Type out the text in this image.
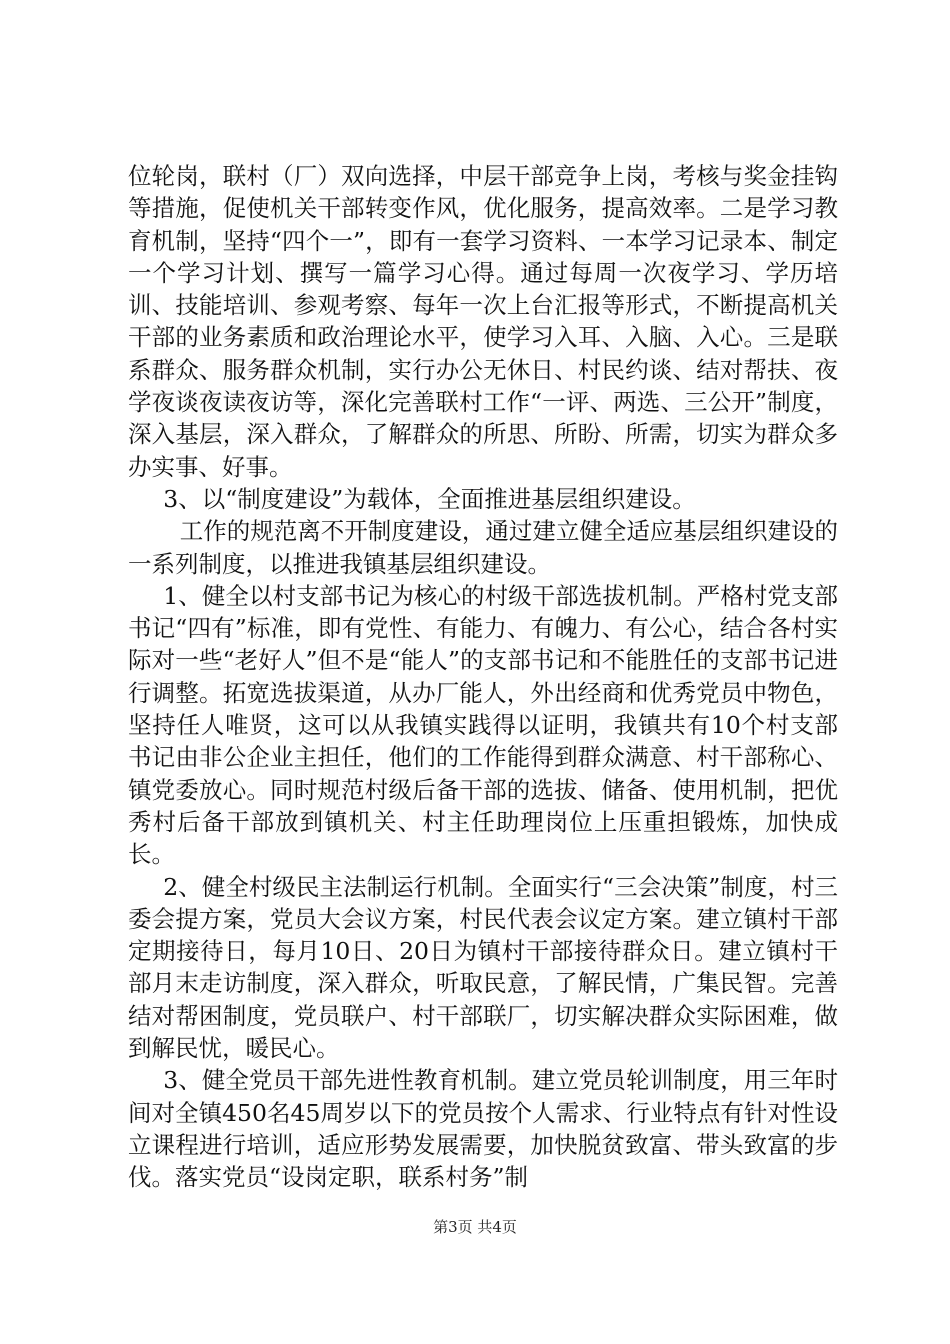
位轮岗，联村（厂）双向选择，中层干部竞争上岗，考核与奖金挂钩等措施，促使机关干部转变作风，优化服务，提高效率。二是学习教育机制，坚持“四个一”，即有一套学习资料、一本学习记录本、制定一个学习计划、撰写一篇学习心得。通过每周一次夜学习、学历培训、技能培训、参观考察、每年一次上台汇报等形式，不断提高机关干部的业务素质和政治理论水平，使学习入耳、入脑、入心。三是联系群众、服务群众机制，实行办公无休日、村民约谈、结对帮扶、夜学夜谈夜读夜访等，深化完善联村工作“一评、两选、三公开”制度，深入基层，深入群众，了解群众的所思、所盼、所需，切实为群众多办实事、好事。

3、以“制度建设”为载体，全面推进基层组织建设。

工作的规范离不开制度建设，通过建立健全适应基层组织建设的一系列制度，以推进我镇基层组织建设。

1、健全以村支部书记为核心的村级干部选拔机制。严格村党支部书记“四有”标准，即有党性、有能力、有魄力、有公心，结合各村实际对一些“老好人”但不是“能人”的支部书记和不能胜任的支部书记进行调整。拓宽选拔渠道，从办厂能人，外出经商和优秀党员中物色，坚持任人唯贤，这可以从我镇实践得以证明，我镇共有10个村支部书记由非公企业主担任，他们的工作能得到群众满意、村干部称心、镇党委放心。同时规范村级后备干部的选拔、储备、使用机制，把优秀村后备干部放到镇机关、村主任助理岗位上压重担锻炼，加快成长。

2、健全村级民主法制运行机制。全面实行“三会决策”制度，村三委会提方案，党员大会议方案，村民代表会议定方案。建立镇村干部定期接待日，每月10日、20日为镇村干部接待群众日。建立镇村干部月末走访制度，深入群众，听取民意，了解民情，广集民智。完善结对帮困制度，党员联户、村干部联厂，切实解决群众实际困难，做到解民忧，暖民心。

3、健全党员干部先进性教育机制。建立党员轮训制度，用三年时间对全镇450名45周岁以下的党员按个人需求、行业特点有针对性设立课程进行培训，适应形势发展需要，加快脱贫致富、带头致富的步伐。落实党员“设岗定职，联系村务”制

第3页 共4页
